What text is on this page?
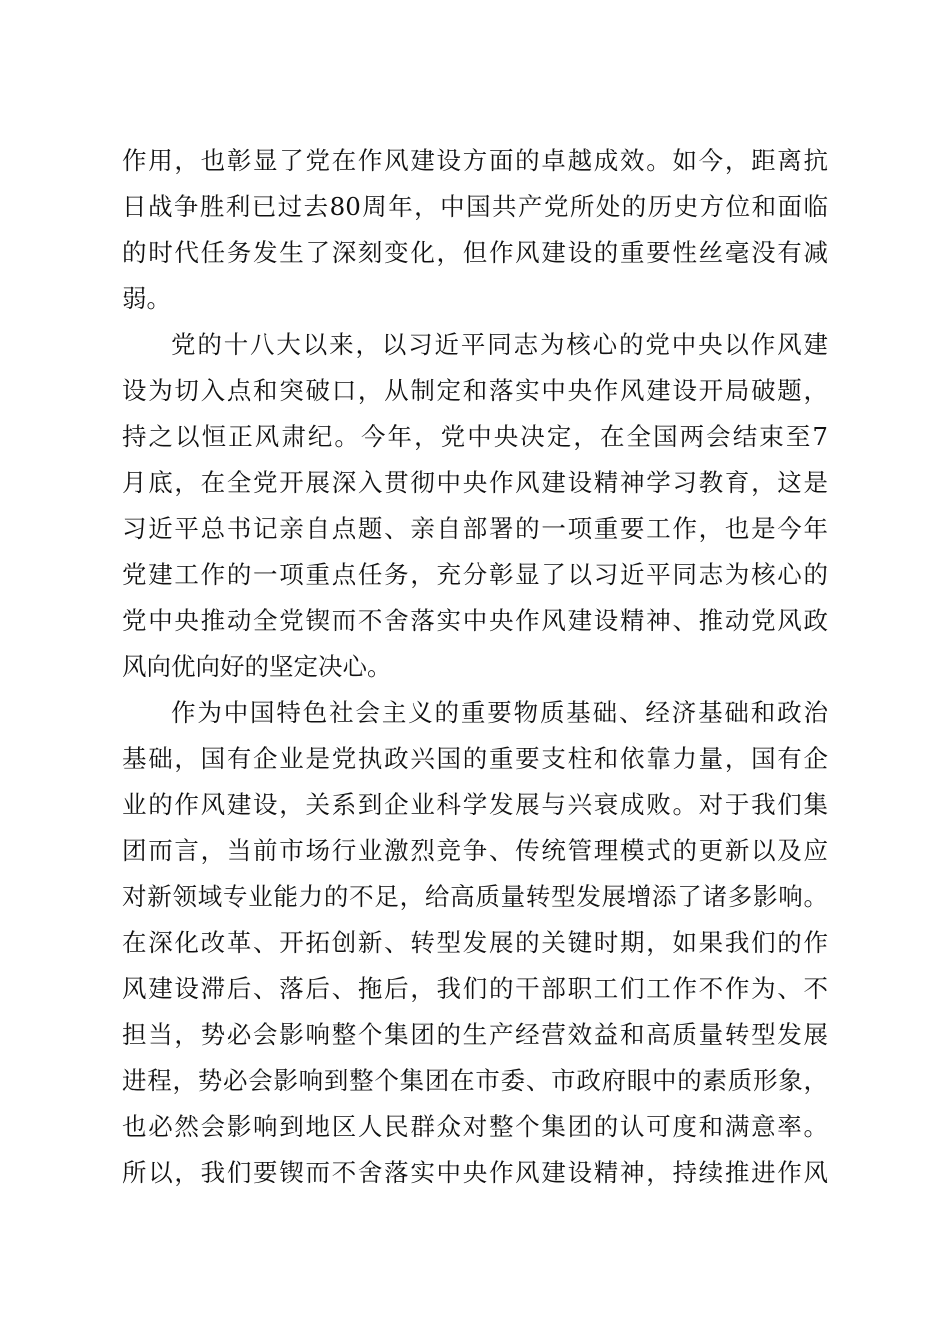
作用，也彰显了党在作风建设方面的卓越成效。如今，距离抗
日战争胜利已过去80周年，中国共产党所处的历史方位和面临
的时代任务发生了深刻变化，但作风建设的重要性丝毫没有减
弱。
党的十八大以来，以习近平同志为核心的党中央以作风建
设为切入点和突破口，从制定和落实中央作风建设开局破题，
持之以恒正风肃纪。今年，党中央决定，在全国两会结束至7
月底，在全党开展深入贯彻中央作风建设精神学习教育，这是
习近平总书记亲自点题、亲自部署的一项重要工作，也是今年
党建工作的一项重点任务，充分彰显了以习近平同志为核心的
党中央推动全党锲而不舍落实中央作风建设精神、推动党风政
风向优向好的坚定决心。
作为中国特色社会主义的重要物质基础、经济基础和政治
基础，国有企业是党执政兴国的重要支柱和依靠力量，国有企
业的作风建设，关系到企业科学发展与兴衰成败。对于我们集
团而言，当前市场行业激烈竞争、传统管理模式的更新以及应
对新领域专业能力的不足，给高质量转型发展增添了诸多影响。
在深化改革、开拓创新、转型发展的关键时期，如果我们的作
风建设滞后、落后、拖后，我们的干部职工们工作不作为、不
担当，势必会影响整个集团的生产经营效益和高质量转型发展
进程，势必会影响到整个集团在市委、市政府眼中的素质形象，
也必然会影响到地区人民群众对整个集团的认可度和满意率。
所以，我们要锲而不舍落实中央作风建设精神，持续推进作风
